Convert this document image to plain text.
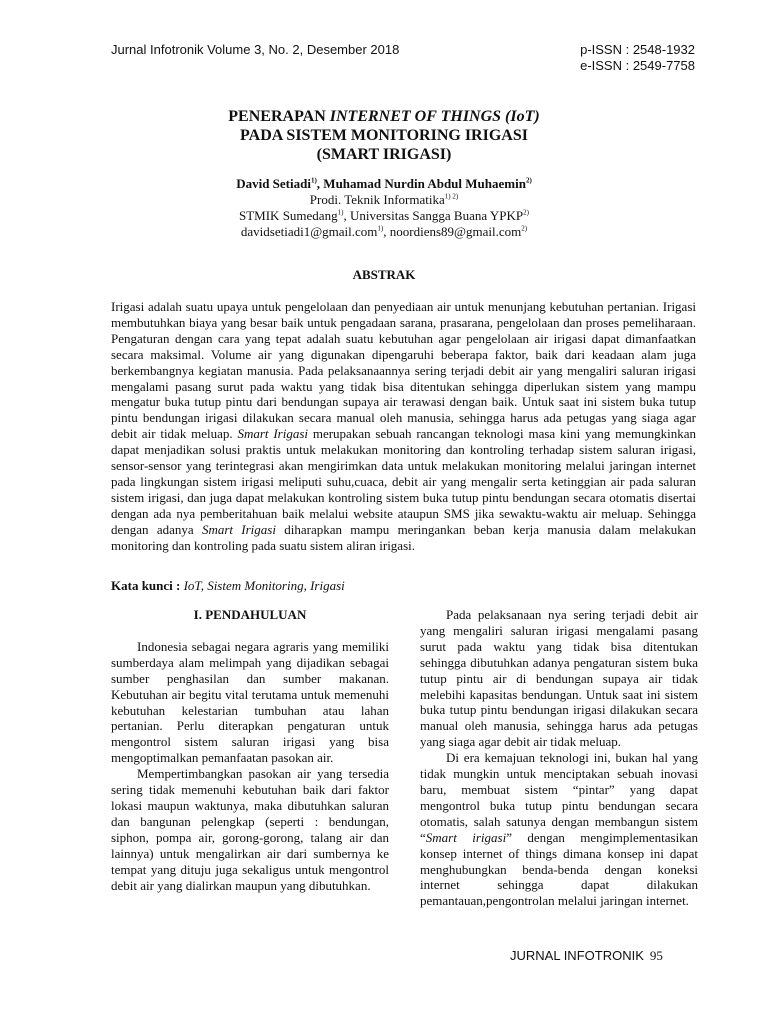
Jurnal Infotronik Volume 3, No. 2, Desember 2018	p-ISSN : 2548-1932
e-ISSN : 2549-7758
PENERAPAN INTERNET OF THINGS (IoT)
PADA SISTEM MONITORING IRIGASI
(SMART IRIGASI)
David Setiadi$^{1)}$, Muhamad Nurdin Abdul Muhaemin$^{2)}$
Prodi. Teknik Informatika$^{1) 2)}$
STMIK Sumedang$^{1)}$, Universitas Sangga Buana YPKP$^{2)}$
davidsetiadi1@gmail.com$^{1)}$, noordiens89@gmail.com$^{2)}$
ABSTRAK

Irigasi adalah suatu upaya untuk pengelolaan dan penyediaan air untuk menunjang kebutuhan pertanian. Irigasi membutuhkan biaya yang besar baik untuk pengadaan sarana, prasarana, pengelolaan dan proses pemeliharaan. Pengaturan dengan cara yang tepat adalah suatu kebutuhan agar pengelolaan air irigasi dapat dimanfaatkan secara maksimal. Volume air yang digunakan dipengaruhi beberapa faktor, baik dari keadaan alam juga berkembangnya kegiatan manusia. Pada pelaksanaannya sering terjadi debit air yang mengaliri saluran irigasi mengalami pasang surut pada waktu yang tidak bisa ditentukan sehingga diperlukan sistem yang mampu mengatur buka tutup pintu dari bendungan supaya air terawasi dengan baik. Untuk saat ini sistem buka tutup pintu bendungan irigasi dilakukan secara manual oleh manusia, sehingga harus ada petugas yang siaga agar debit air tidak meluap. Smart Irigasi merupakan sebuah rancangan teknologi masa kini yang memungkinkan dapat menjadikan solusi praktis untuk melakukan monitoring dan kontroling terhadap sistem saluran irigasi, sensor-sensor yang terintegrasi akan mengirimkan data untuk melakukan monitoring melalui jaringan internet pada lingkungan sistem irigasi meliputi suhu,cuaca, debit air yang mengalir serta ketinggian air pada saluran sistem irigasi, dan juga dapat melakukan kontroling sistem buka tutup pintu bendungan secara otomatis disertai dengan ada nya pemberitahuan baik melalui website ataupun SMS jika sewaktu-waktu air meluap. Sehingga dengan adanya Smart Irigasi diharapkan mampu meringankan beban kerja manusia dalam melakukan monitoring dan kontroling pada suatu sistem aliran irigasi.

Kata kunci : IoT, Sistem Monitoring, Irigasi
I. PENDAHULUAN

Indonesia sebagai negara agraris yang memiliki sumberdaya alam melimpah yang dijadikan sebagai sumber penghasilan dan sumber makanan. Kebutuhan air begitu vital terutama untuk memenuhi kebutuhan kelestarian tumbuhan atau lahan pertanian. Perlu diterapkan pengaturan untuk mengontrol sistem saluran irigasi yang bisa mengoptimalkan pemanfaatan pasokan air.

Mempertimbangkan pasokan air yang tersedia sering tidak memenuhi kebutuhan baik dari faktor lokasi maupun waktunya, maka dibutuhkan saluran dan bangunan pelengkap (seperti : bendungan, siphon, pompa air, gorong-gorong, talang air dan lainnya) untuk mengalirkan air dari sumbernya ke tempat yang dituju juga sekaligus untuk mengontrol debit air yang dialirkan maupun yang dibutuhkan.

Pada pelaksanaan nya sering terjadi debit air yang mengaliri saluran irigasi mengalami pasang surut pada waktu yang tidak bisa ditentukan sehingga dibutuhkan adanya pengaturan sistem buka tutup pintu air di bendungan supaya air tidak melebihi kapasitas bendungan. Untuk saat ini sistem buka tutup pintu bendungan irigasi dilakukan secara manual oleh manusia, sehingga harus ada petugas yang siaga agar debit air tidak meluap.

Di era kemajuan teknologi ini, bukan hal yang tidak mungkin untuk menciptakan sebuah inovasi baru, membuat sistem “pintar” yang dapat mengontrol buka tutup pintu bendungan secara otomatis, salah satunya dengan membangun sistem “Smart irigasi” dengan mengimplementasikan konsep internet of things dimana konsep ini dapat menghubungkan benda-benda dengan koneksi internet sehingga dapat dilakukan pemantauan,pengontrolan melalui jaringan internet.

JURNAL INFOTRONIK 95
